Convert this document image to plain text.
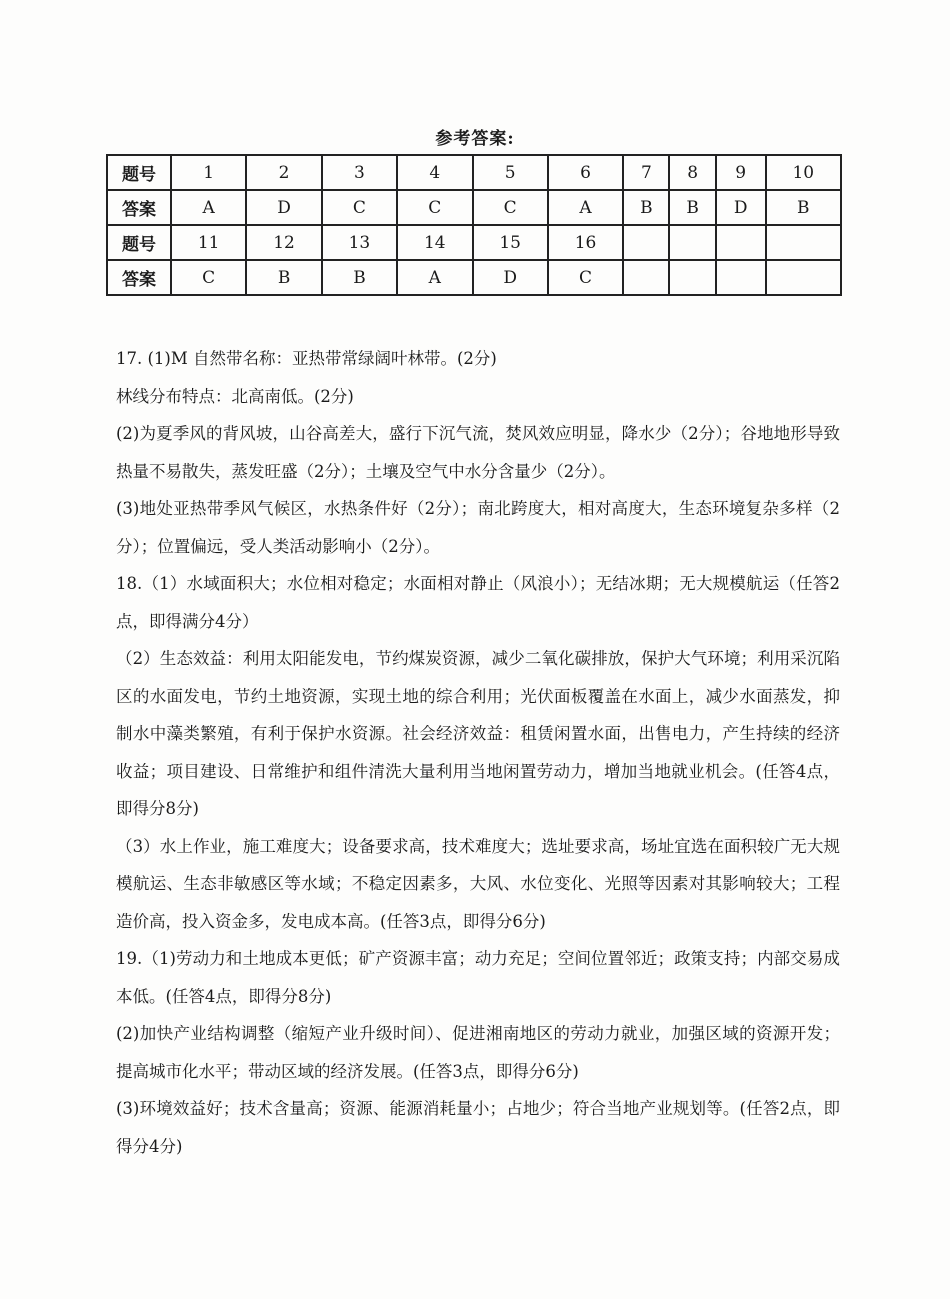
参考答案:
题号	1	2	3	4	5	6	7	8	9	10
答案	A	D	C	C	C	A	B	B	D	B
题号	11	12	13	14	15	16				
答案	C	B	B	A	D	C				

17. (1)M 自然带名称：亚热带常绿阔叶林带。(2分)

林线分布特点：北高南低。(2分)

(2)为夏季风的背风坡，山谷高差大，盛行下沉气流，焚风效应明显，降水少（2分）；谷地地形导致热量不易散失，蒸发旺盛（2分）；土壤及空气中水分含量少（2分）。

(3)地处亚热带季风气候区，水热条件好（2分）；南北跨度大，相对高度大，生态环境复杂多样（2分）；位置偏远，受人类活动影响小（2分）。

18.（1）水域面积大；水位相对稳定；水面相对静止（风浪小）；无结冰期；无大规模航运（任答2点，即得满分4分）

（2）生态效益：利用太阳能发电，节约煤炭资源，减少二氧化碳排放，保护大气环境；利用采沉陷区的水面发电，节约土地资源，实现土地的综合利用；光伏面板覆盖在水面上，减少水面蒸发，抑制水中藻类繁殖，有利于保护水资源。社会经济效益：租赁闲置水面，出售电力，产生持续的经济收益；项目建设、日常维护和组件清洗大量利用当地闲置劳动力，增加当地就业机会。(任答4点，即得分8分)

（3）水上作业，施工难度大；设备要求高，技术难度大；选址要求高，场址宜选在面积较广无大规模航运、生态非敏感区等水域；不稳定因素多，大风、水位变化、光照等因素对其影响较大；工程造价高，投入资金多，发电成本高。(任答3点，即得分6分)

19.（1)劳动力和土地成本更低；矿产资源丰富；动力充足；空间位置邻近；政策支持；内部交易成本低。(任答4点，即得分8分)

(2)加快产业结构调整（缩短产业升级时间）、促进湘南地区的劳动力就业，加强区域的资源开发；提高城市化水平；带动区域的经济发展。(任答3点，即得分6分)

(3)环境效益好；技术含量高；资源、能源消耗量小；占地少；符合当地产业规划等。(任答2点，即得分4分)
